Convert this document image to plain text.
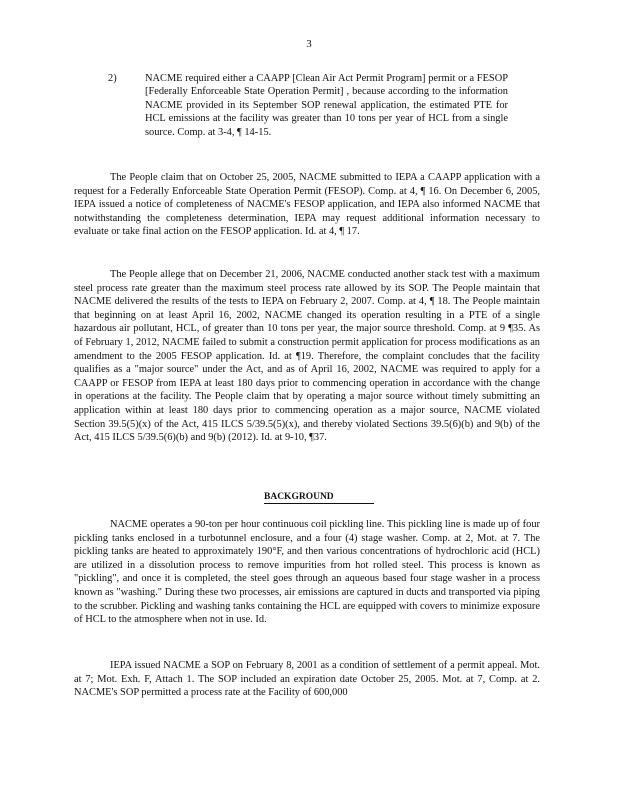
3
2)	NACME required either a CAAPP [Clean Air Act Permit Program] permit or a FESOP [Federally Enforceable State Operation Permit] , because according to the information NACME provided in its September SOP renewal application, the estimated PTE for HCL emissions at the facility was greater than 10 tons per year of HCL from a single source. Comp. at 3-4, ¶ 14-15.

The People claim that on October 25, 2005, NACME submitted to IEPA a CAAPP application with a request for a Federally Enforceable State Operation Permit (FESOP). Comp. at 4, ¶ 16. On December 6, 2005, IEPA issued a notice of completeness of NACME's FESOP application, and IEPA also informed NACME that notwithstanding the completeness determination, IEPA may request additional information necessary to evaluate or take final action on the FESOP application. Id. at 4, ¶ 17.

The People allege that on December 21, 2006, NACME conducted another stack test with a maximum steel process rate greater than the maximum steel process rate allowed by its SOP. The People maintain that NACME delivered the results of the tests to IEPA on February 2, 2007. Comp. at 4, ¶ 18. The People maintain that beginning on at least April 16, 2002, NACME changed its operation resulting in a PTE of a single hazardous air pollutant, HCL, of greater than 10 tons per year, the major source threshold. Comp. at 9 ¶35. As of February 1, 2012, NACME failed to submit a construction permit application for process modifications as an amendment to the 2005 FESOP application. Id. at ¶19. Therefore, the complaint concludes that the facility qualifies as a "major source" under the Act, and as of April 16, 2002, NACME was required to apply for a CAAPP or FESOP from IEPA at least 180 days prior to commencing operation in accordance with the change in operations at the facility. The People claim that by operating a major source without timely submitting an application within at least 180 days prior to commencing operation as a major source, NACME violated Section 39.5(5)(x) of the Act, 415 ILCS 5/39.5(5)(x), and thereby violated Sections 39.5(6)(b) and 9(b) of the Act, 415 ILCS 5/39.5(6)(b) and 9(b) (2012). Id. at 9-10, ¶37.

BACKGROUND

NACME operates a 90-ton per hour continuous coil pickling line. This pickling line is made up of four pickling tanks enclosed in a turbotunnel enclosure, and a four (4) stage washer. Comp. at 2, Mot. at 7. The pickling tanks are heated to approximately 190°F, and then various concentrations of hydrochloric acid (HCL) are utilized in a dissolution process to remove impurities from hot rolled steel. This process is known as "pickling", and once it is completed, the steel goes through an aqueous based four stage washer in a process known as "washing." During these two processes, air emissions are captured in ducts and transported via piping to the scrubber. Pickling and washing tanks containing the HCL are equipped with covers to minimize exposure of HCL to the atmosphere when not in use. Id.

IEPA issued NACME a SOP on February 8, 2001 as a condition of settlement of a permit appeal. Mot. at 7; Mot. Exh. F, Attach 1. The SOP included an expiration date October 25, 2005. Mot. at 7, Comp. at 2. NACME's SOP permitted a process rate at the Facility of 600,000
